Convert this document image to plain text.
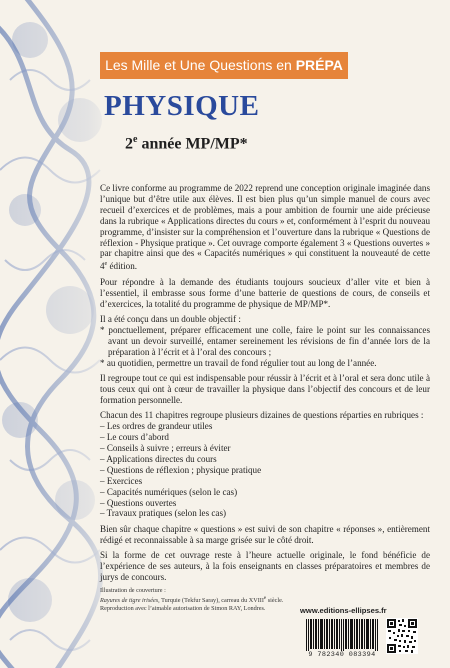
Les Mille et Une Questions en PRÉPA
PHYSIQUE
2e année MP/MP*

Ce livre conforme au programme de 2022 reprend une conception originale imaginée dans l’unique but d’être utile aux élèves. Il est bien plus qu’un simple manuel de cours avec recueil d’exercices et de problèmes, mais a pour ambition de fournir une aide précieuse dans la rubrique « Applications directes du cours » et, conformément à l’esprit du nouveau programme, d’insister sur la compréhension et l’ouverture dans la rubrique « Questions de réflexion - Physique pratique ». Cet ouvrage comporte également 3 « Questions ouvertes » par chapitre ainsi que des « Capacités numériques » qui constituent la nouveauté de cette 4e édition.

Pour répondre à la demande des étudiants toujours soucieux d’aller vite et bien à l’essentiel, il embrasse sous forme d’une batterie de questions de cours, de conseils et d’exercices, la totalité du programme de physique de MP/MP*.

Il a été conçu dans un double objectif :

* ponctuellement, préparer efficacement une colle, faire le point sur les connaissances avant un devoir surveillé, entamer sereinement les révisions de fin d’année lors de la préparation à l’écrit et à l’oral des concours ;
* au quotidien, permettre un travail de fond régulier tout au long de l’année.

Il regroupe tout ce qui est indispensable pour réussir à l’écrit et à l’oral et sera donc utile à tous ceux qui ont à cœur de travailler la physique dans l’objectif des concours et de leur formation personnelle.

Chacun des 11 chapitres regroupe plusieurs dizaines de questions réparties en rubriques :

– Les ordres de grandeur utiles
– Le cours d’abord
– Conseils à suivre ; erreurs à éviter
– Applications directes du cours
– Questions de réflexion ; physique pratique
– Exercices
– Capacités numériques (selon le cas)
– Questions ouvertes
– Travaux pratiques (selon les cas)

Bien sûr chaque chapitre « questions » est suivi de son chapitre « réponses », entièrement rédigé et reconnaissable à sa marge grisée sur le côté droit.

Si la forme de cet ouvrage reste à l’heure actuelle originale, le fond bénéficie de l’expérience de ses auteurs, à la fois enseignants en classes préparatoires et membres de jurys de concours.

Illustration de couverture :

Rayures de tigre irisées, Turquie (Tekfur Saray), carreau du XVIIIe siècle.

Reproduction avec l’aimable autorisation de Simon RAY, Londres.	www.editions-ellipses.fr
9 782340 083394
